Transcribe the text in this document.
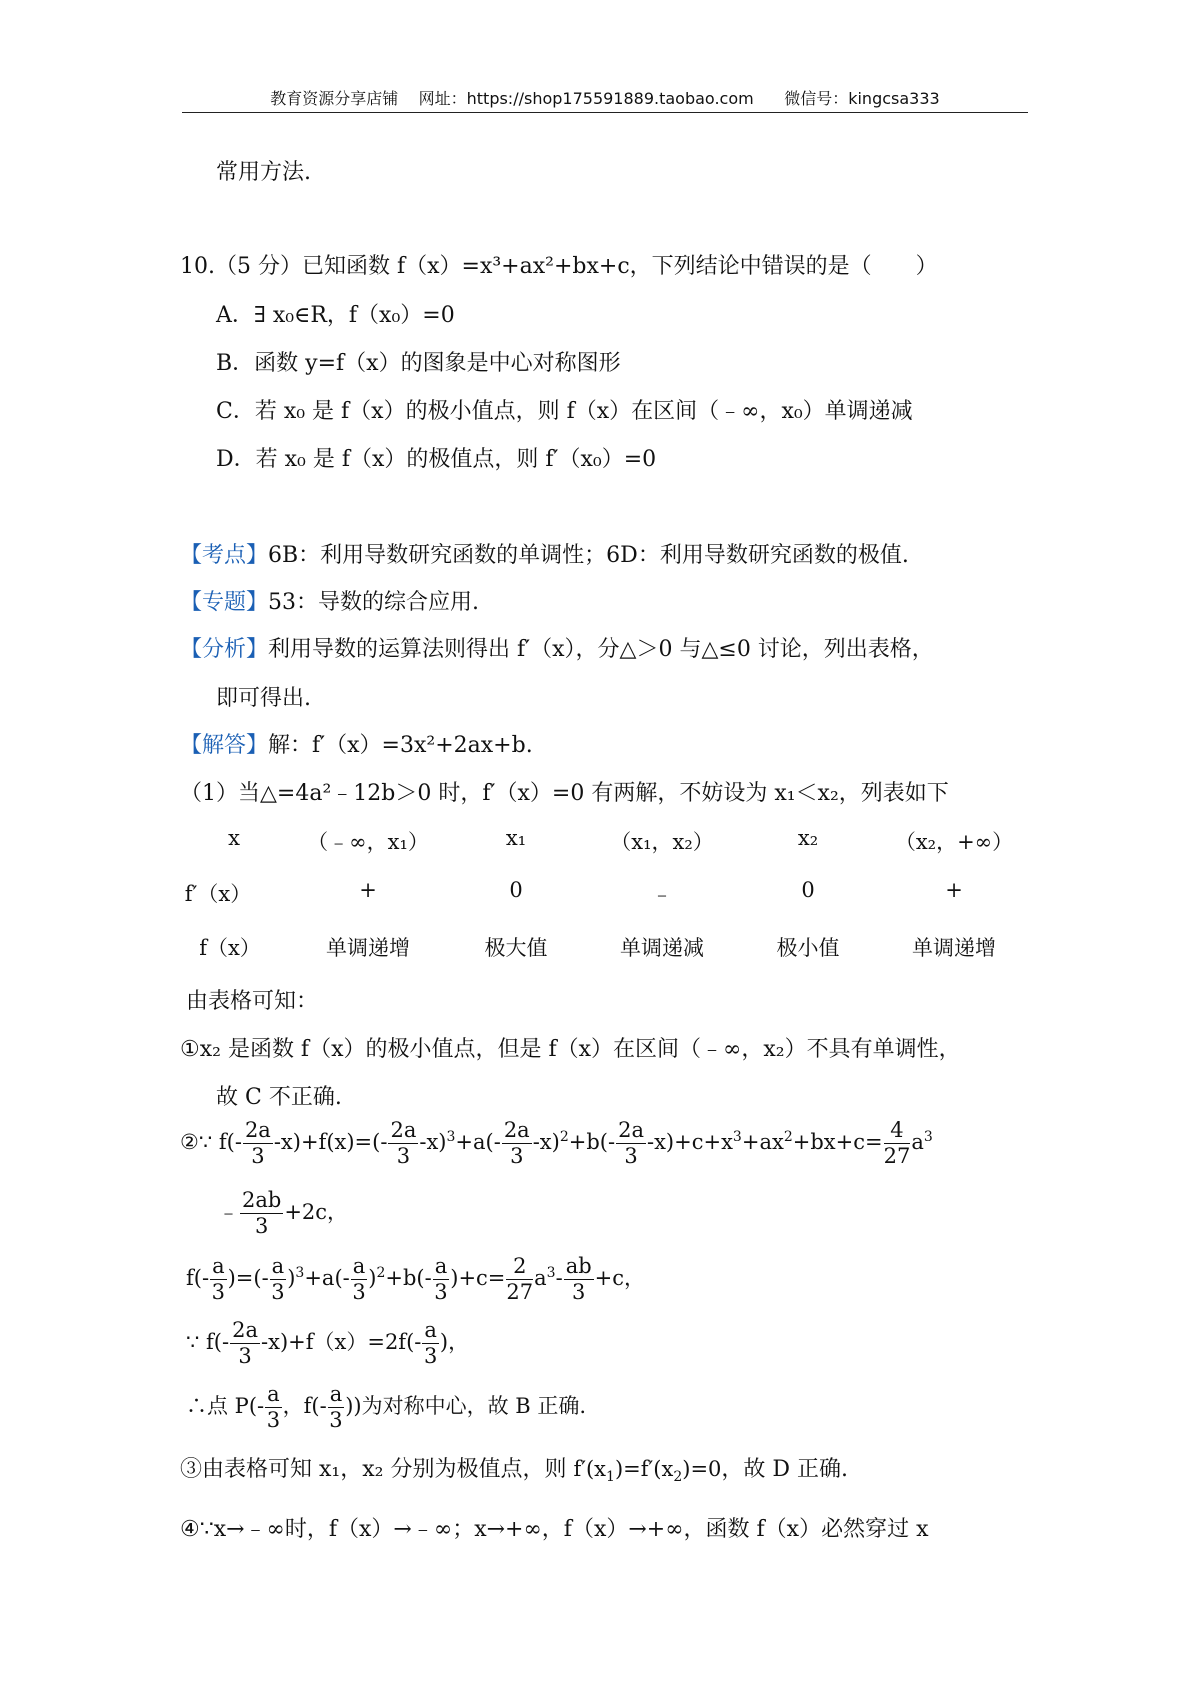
教育资源分享店铺 网址：https://shop175591889.taobao.com 微信号：kingcsa333
常用方法.
10.（5 分）已知函数 f（x）=x³+ax²+bx+c，下列结论中错误的是（　　）
A．∃ x₀∈R，f（x₀）=0
B．函数 y=f（x）的图象是中心对称图形
C．若 x₀ 是 f（x）的极小值点，则 f（x）在区间（﹣∞，x₀）单调递减
D．若 x₀ 是 f（x）的极值点，则 f′（x₀）=0
【考点】6B：利用导数研究函数的单调性；6D：利用导数研究函数的极值.
【专题】53：导数的综合应用.
【分析】利用导数的运算法则得出 f′（x），分△＞0 与△≤0 讨论，列出表格，
即可得出.
【解答】解：f′（x）=3x²+2ax+b.
（1）当△=4a²﹣12b＞0 时，f′（x）=0 有两解，不妨设为 x₁＜x₂，列表如下
x	（﹣∞，x₁）	x₁	（x₁，x₂）	x₂	（x₂，+∞）
f′（x）	+	0	﹣	0	+
f（x）	单调递增	极大值	单调递减	极小值	单调递增
由表格可知：
①x₂ 是函数 f（x）的极小值点，但是 f（x）在区间（﹣∞，x₂）不具有单调性，
故 C 不正确.
②∵ $f(- \frac{2a}{3} -x)+f(x)=(- \frac{2a}{3} -x)^3+a(- \frac{2a}{3} -x)^2+b(- \frac{2a}{3} -x)+c+x^3+ax^2+bx+c= \frac{4}{27} a^3$
﹣ $\frac{2ab}{3} +2c$，
$f(- \frac{a}{3}$ )=(- $\frac{a}{3} )^3+a(- \frac{a}{3} )^2+b(- \frac{a}{3} )+c= \frac{2}{27} a^3- \frac{ab}{3} +c$，
∵ $f(- \frac{2a}{3} -x)+f(x)=2f(- \frac{a}{3}$ )，
∴点 $P(- \frac{a}{3}$ ，$f(- \frac{a}{3}$ ))为对称中心，故 B 正确.
③由表格可知 x₁，x₂ 分别为极值点，则 $f'(x_1)=f'(x_2)=0$，故 D 正确.
④∵x→﹣∞时，f（x）→﹣∞；x→+∞，f（x）→+∞，函数 f（x）必然穿过 x
